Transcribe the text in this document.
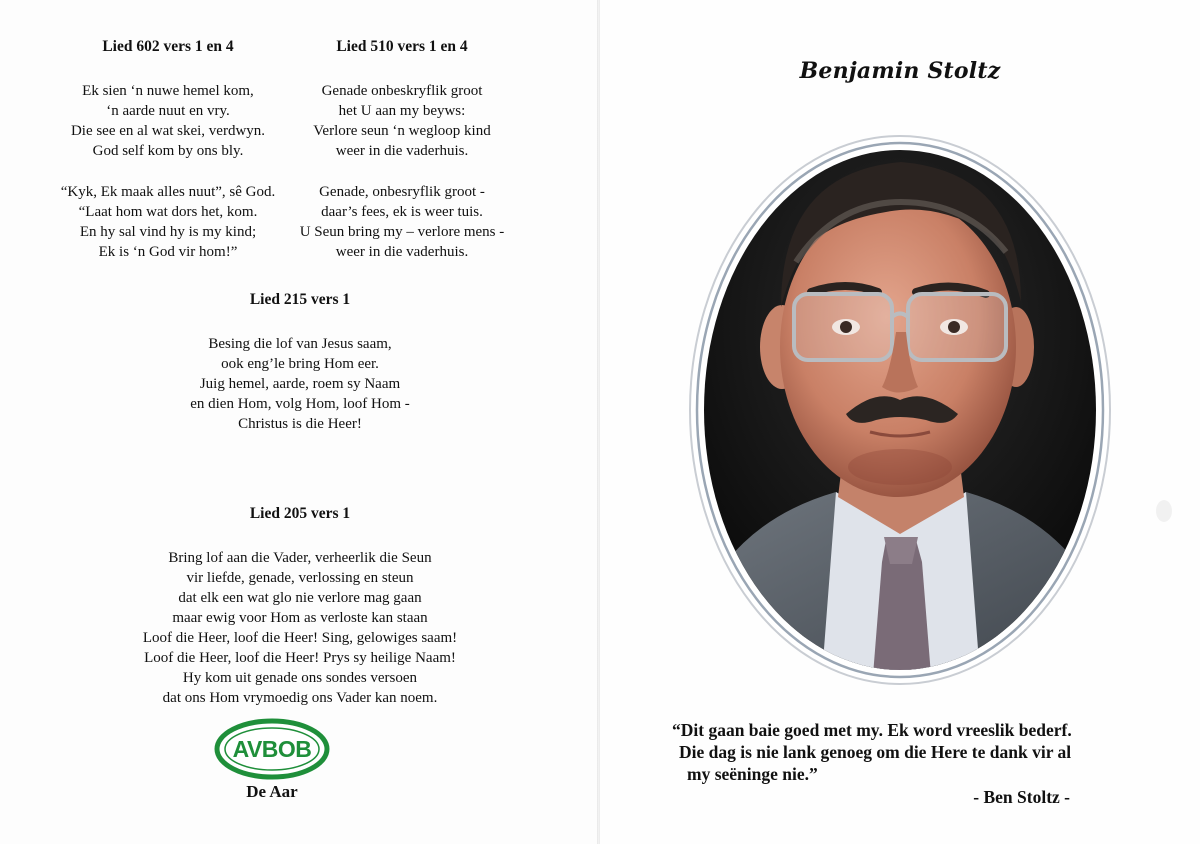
Lied 602 vers 1 en 4
Ek sien ‘n nuwe hemel kom,
‘n aarde nuut en vry.
Die see en al wat skei, verdwyn.
God self kom by ons bly.
“Kyk, Ek maak alles nuut”, sê God.
“Laat hom wat dors het, kom.
En hy sal vind hy is my kind;
Ek is ‘n God vir hom!”
Lied 510 vers 1 en 4
Genade onbeskryflik groot
het U aan my beyws:
Verlore seun ‘n wegloop kind
weer in die vaderhuis.
Genade, onbesryflik groot -
daar’s fees, ek is weer tuis.
U Seun bring my – verlore mens -
weer in die vaderhuis.
Lied 215 vers 1
Besing die lof van Jesus saam,
ook eng’le bring Hom eer.
Juig hemel, aarde, roem sy Naam
en dien Hom, volg Hom, loof Hom -
Christus is die Heer!
Lied 205 vers 1
Bring lof aan die Vader, verheerlik die Seun
vir liefde, genade, verlossing en steun
dat elk een wat glo nie verlore mag gaan
maar ewig voor Hom as verloste kan staan
Loof die Heer, loof die Heer! Sing, gelowiges saam!
Loof die Heer, loof die Heer! Prys sy heilige Naam!
Hy kom uit genade ons sondes versoen
dat ons Hom vrymoedig ons Vader kan noem.
AVBOB
De Aar
Benjamin Stoltz
“Dit gaan baie goed met my. Ek word vreeslik bederf.
Die dag is nie lank genoeg om die Here te dank vir al
my seëninge nie.”
- Ben Stoltz -
